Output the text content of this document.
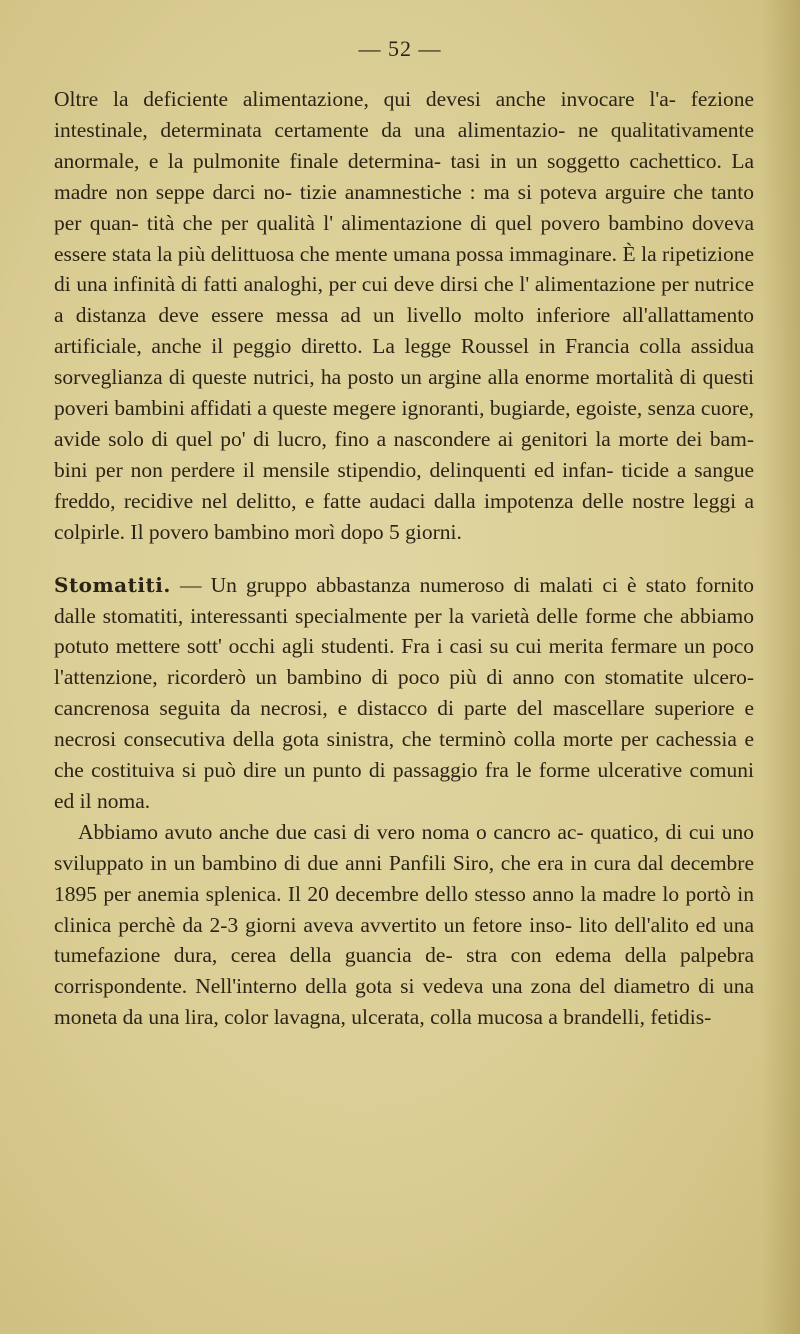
— 52 —

Oltre la deficiente alimentazione, qui devesi anche invocare l'a- fezione intestinale, determinata certamente da una alimentazio- ne qualitativamente anormale, e la pulmonite finale determina- tasi in un soggetto cachettico. La madre non seppe darci no- tizie anamnestiche : ma si poteva arguire che tanto per quan- tità che per qualità l' alimentazione di quel povero bambino doveva essere stata la più delittuosa che mente umana possa immaginare. È la ripetizione di una infinità di fatti analoghi, per cui deve dirsi che l' alimentazione per nutrice a distanza deve essere messa ad un livello molto inferiore all'allattamento artificiale, anche il peggio diretto. La legge Roussel in Francia colla assidua sorveglianza di queste nutrici, ha posto un argine alla enorme mortalità di questi poveri bambini affidati a queste megere ignoranti, bugiarde, egoiste, senza cuore, avide solo di quel po' di lucro, fino a nascondere ai genitori la morte dei bam- bini per non perdere il mensile stipendio, delinquenti ed infan- ticide a sangue freddo, recidive nel delitto, e fatte audaci dalla impotenza delle nostre leggi a colpirle. Il povero bambino morì dopo 5 giorni.

Stomatiti. — Un gruppo abbastanza numeroso di malati ci è stato fornito dalle stomatiti, interessanti specialmente per la varietà delle forme che abbiamo potuto mettere sott' occhi agli studenti. Fra i casi su cui merita fermare un poco l'attenzione, ricorderò un bambino di poco più di anno con stomatite ulcero- cancrenosa seguita da necrosi, e distacco di parte del mascellare superiore e necrosi consecutiva della gota sinistra, che terminò colla morte per cachessia e che costituiva si può dire un punto di passaggio fra le forme ulcerative comuni ed il noma.

Abbiamo avuto anche due casi di vero noma o cancro ac- quatico, di cui uno sviluppato in un bambino di due anni Panfili Siro, che era in cura dal decembre 1895 per anemia splenica. Il 20 decembre dello stesso anno la madre lo portò in clinica perchè da 2-3 giorni aveva avvertito un fetore inso- lito dell'alito ed una tumefazione dura, cerea della guancia de- stra con edema della palpebra corrispondente. Nell'interno della gota si vedeva una zona del diametro di una moneta da una lira, color lavagna, ulcerata, colla mucosa a brandelli, fetidis-
